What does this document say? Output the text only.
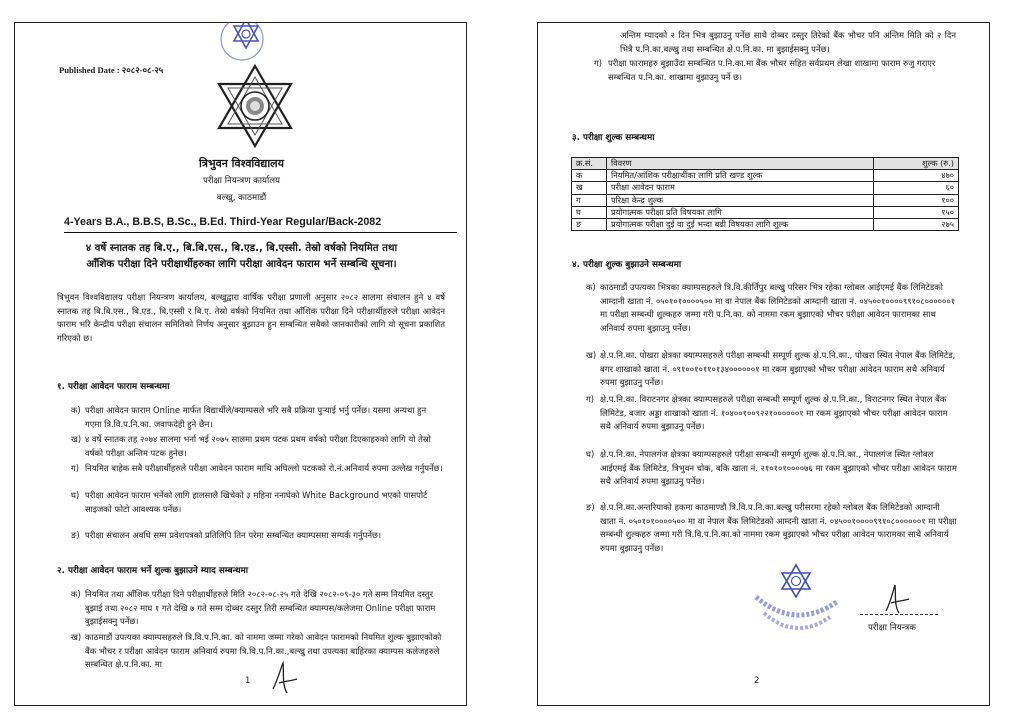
Published Date : २०८२-०८-२५
त्रिभुवन विश्वविद्यालय
परीक्षा नियन्त्रण कार्यालय
बल्खु, काठमाडौं
4-Years B.A., B.B.S, B.Sc., B.Ed. Third-Year Regular/Back-2082
४ वर्षे स्नातक तह बि.ए., बि.बि.एस., बि.एड., बि.एस्सी. तेस्रो वर्षको नियमित तथा
आँशिक परीक्षा दिने परीक्षार्थीहरुका लागि परीक्षा आवेदन फाराम भर्ने सम्बन्धि सूचना।
त्रिभुवन विश्वविद्यालय परीक्षा नियन्त्रण कार्यालय, बल्खुद्वारा वार्षिक परीक्षा प्रणाली अनुसार २०८२ सालमा संचालन हुने ४ वर्षे स्नातक तह बि.बि.एस., बि.एड., बि.एस्सी र बि.ए. तेस्रो वर्षको नियमित तथा आँशिक परीक्षा दिने परीक्षार्थीहरुले परीक्षा आवेदन फाराम भरि केन्द्रीय परीक्षा संचालन समितिको निर्णय अनुसार बुझाउन हुन सम्बन्धित सबैको जानकारीको लागि यो सूचना प्रकाशित गरिएको छ।
१. परीक्षा आवेदन फाराम सम्बन्धमा
क) परीक्षा आवेदन फाराम Online मार्फत विद्यार्थीले/क्याम्पसले भरि सबै प्रक्रिया पुऱ्याई भर्नु पर्नेछ। यसमा अन्यथा हुन गएमा त्रि.वि.प.नि.का. जवाफदेही हुने छैन।
ख) ४ वर्षे स्नातक तह २०७४ सालमा भर्ना भई २०७५ सालमा प्रथम पटक प्रथम वर्षको परीक्षा दिएकाहरुको लागि यो तेस्रो वर्षको परीक्षा अन्तिम पटक हुनेछ।
ग) नियमित बाहेक सबै परीक्षार्थीहरुले परीक्षा आवेदन फाराम माथि अघिल्लो पटकको रो.नं.अनिवार्य रुपमा उल्लेख गर्नुपर्नेछ।
घ) परीक्षा आवेदन फाराम भर्नेको लागि हालसालै खिचेको ३ महिना ननाघेको White Background भएको पासपोर्ट साइजको फोटो आवश्यक पर्नेछ।
ङ) परीक्षा संचालन अवधि सम्म प्रवेशपत्रको प्रतिलिपि तिन परेमा सम्बन्धित क्याम्पसमा सम्पर्क गर्नुपर्नेछ।
२. परीक्षा आवेदन फाराम भर्ने शुल्क बुझाउने म्याद सम्बन्धमा
क) नियमित तथा आँशिक परीक्षा दिने परीक्षार्थीहरुले मिति २०८२-०८-२५ गते देखि २०८२-०९-३० गते सम्म नियमित दस्तुर बुझाई तथा २०८२ माघ १ गते देखि ७ गते सम्म दोब्बर दस्तुर तिरी सम्बन्धित क्याम्पस/कलेजमा Online परीक्षा फाराम बुझाईसक्नु पर्नेछ।
ख) काठमाडौं उपत्यका क्याम्पसहरुले त्रि.वि.प.नि.का. को नाममा जम्मा गरेको आवेदन फारामको नियमित शुल्क बुझाएकोको बैंक भौचर र परीक्षा आवेदन फाराम अनिवार्य रुपमा त्रि.वि.प.नि.का.,बल्खु तथा उपत्यका बाहिरका क्याम्पस कलेजहरुले सम्बन्धित क्षे.प.नि.का. मा
1
अन्तिम म्यादको २ दिन भित्र बुझाउनु पर्नेछ साथै दोब्बर दस्तुर तिरेको बैंक भौचर पनि अन्तिम मिति को २ दिन भित्रै प.नि.का,बल्खु तथा सम्बन्धित क्षे.प.नि.का. मा बुझाईसक्नु पर्नेछ।
ग) परीक्षा फारामहरु बुझाउँदा सम्बन्धित प.नि.का.मा बैंक भौचर सहित सर्वप्रथम लेखा शाखामा फाराम रुजु गराएर सम्बन्धित प.नि.का. शाखामा बुझाउनु पर्ने छ।
३. परीक्षा शुल्क सम्बन्धमा
क्र.सं.	विवरण	शुल्क (रु.)
क	नियमित/आंशिक परीक्षार्थीका लागि प्रति खण्ड शुल्क	४७०
ख	परीक्षा आवेदन फाराम	६०
ग	परिक्षा केन्द्र शुल्क	१००
घ	प्रयोगात्मक परीक्षा प्रति विषयका लागि	१५०
ङ	प्रयोगात्मक परीक्षा दुई वा दुई भन्दा बढी विषयका लागि शुल्क	२७५
४. परीक्षा शुल्क बुझाउने सम्बन्धमा
क) काठमाडौं उपत्यका भित्रका क्याम्पसहरुले त्रि.वि.कीर्तिपुर बल्खु परिसर भित्र रहेका ग्लोबल आईएमई बैंक लिमिटेडको आम्दानी खाता नं. ०५०१०१००००५०० मा वा नेपाल बैंक लिमिटेडको आम्दानी खाता नं. ०४५००१००००९९१०८००००००१ मा परीक्षा सम्बन्धी शुल्कहरु जम्मा गरी प.नि.का. को नाममा रकम बुझाएको भौचर परीक्षा आवेदन फारामका साथ अनिवार्य रुपमा बुझाउनु पर्नेछ।
ख) क्षे.प.नि.का. पोखरा क्षेत्रका क्याम्पसहरुले परीक्षा सम्बन्धी सम्पूर्ण शुल्क क्षे.प.नि.का., पोखरा स्थित नेपाल बैंक लिमिटेड, बगर शाखाको खाता नं. ०९१००१०११०१३४००००००१ मा रकम बुझाएको भौचर परीक्षा आवेदन फाराम सथै अनिवार्य रुपमा बुझाउनु पर्नेछ।
ग) क्षे.प.नि.का. विराटनगर क्षेत्रका क्याम्पसहरुले परीक्षा सम्बन्धी सम्पूर्ण शुल्क क्षे.प.नि.का., विराटनगर स्थित नेपाल बैंक लिमिटेड, बजार अड्डा शाखाको खाता नं. १०४००१००९२२१००००००१ मा रकम बुझाएको भौचर परीक्षा आवेदन फाराम सथै अनिवार्य रुपमा बुझाउनु पर्नेछ।
घ) क्षे.प.नि.का. नेपालगंज क्षेत्रका क्याम्पसहरुले परीक्षा सम्बन्धी सम्पूर्ण शुल्क क्षे.प.नि.का., नेपालगंज स्थित ग्लोबल आईएमई बैंक लिमिटेड, त्रिभुवन चोक, बकि खाता नं. २१०१०१००००७६ मा रकम बुझाएको भौचर परीक्षा आवेदन फाराम सथै अनिवार्य रुपमा बुझाउनु पर्नेछ।
ङ) क्षे.प.नि.का.अन्तरियाको हकमा काठमाण्डौ त्रि.वि.प.नि.का.बल्खु परीसरमा रहेको ग्लोबल बैंक लिमिटेडको आम्दानी खाता नं. ०५०१०१००००५०० मा वा नेपाल बैंक लिमिटेडको आम्दनी खाता नं. ०४५००१००००९९१०८००००००१ मा परीक्षा सम्बन्धी शुल्कहरु जम्मा गरी त्रि.वि.प.नि.का.को नाममा रकम बुझाएको भौचर परीक्षा आवेदन फारामका साथै अनिवार्य रुपमा बुझाउनु पर्नेछ।
परीक्षा नियन्त्रक
2
